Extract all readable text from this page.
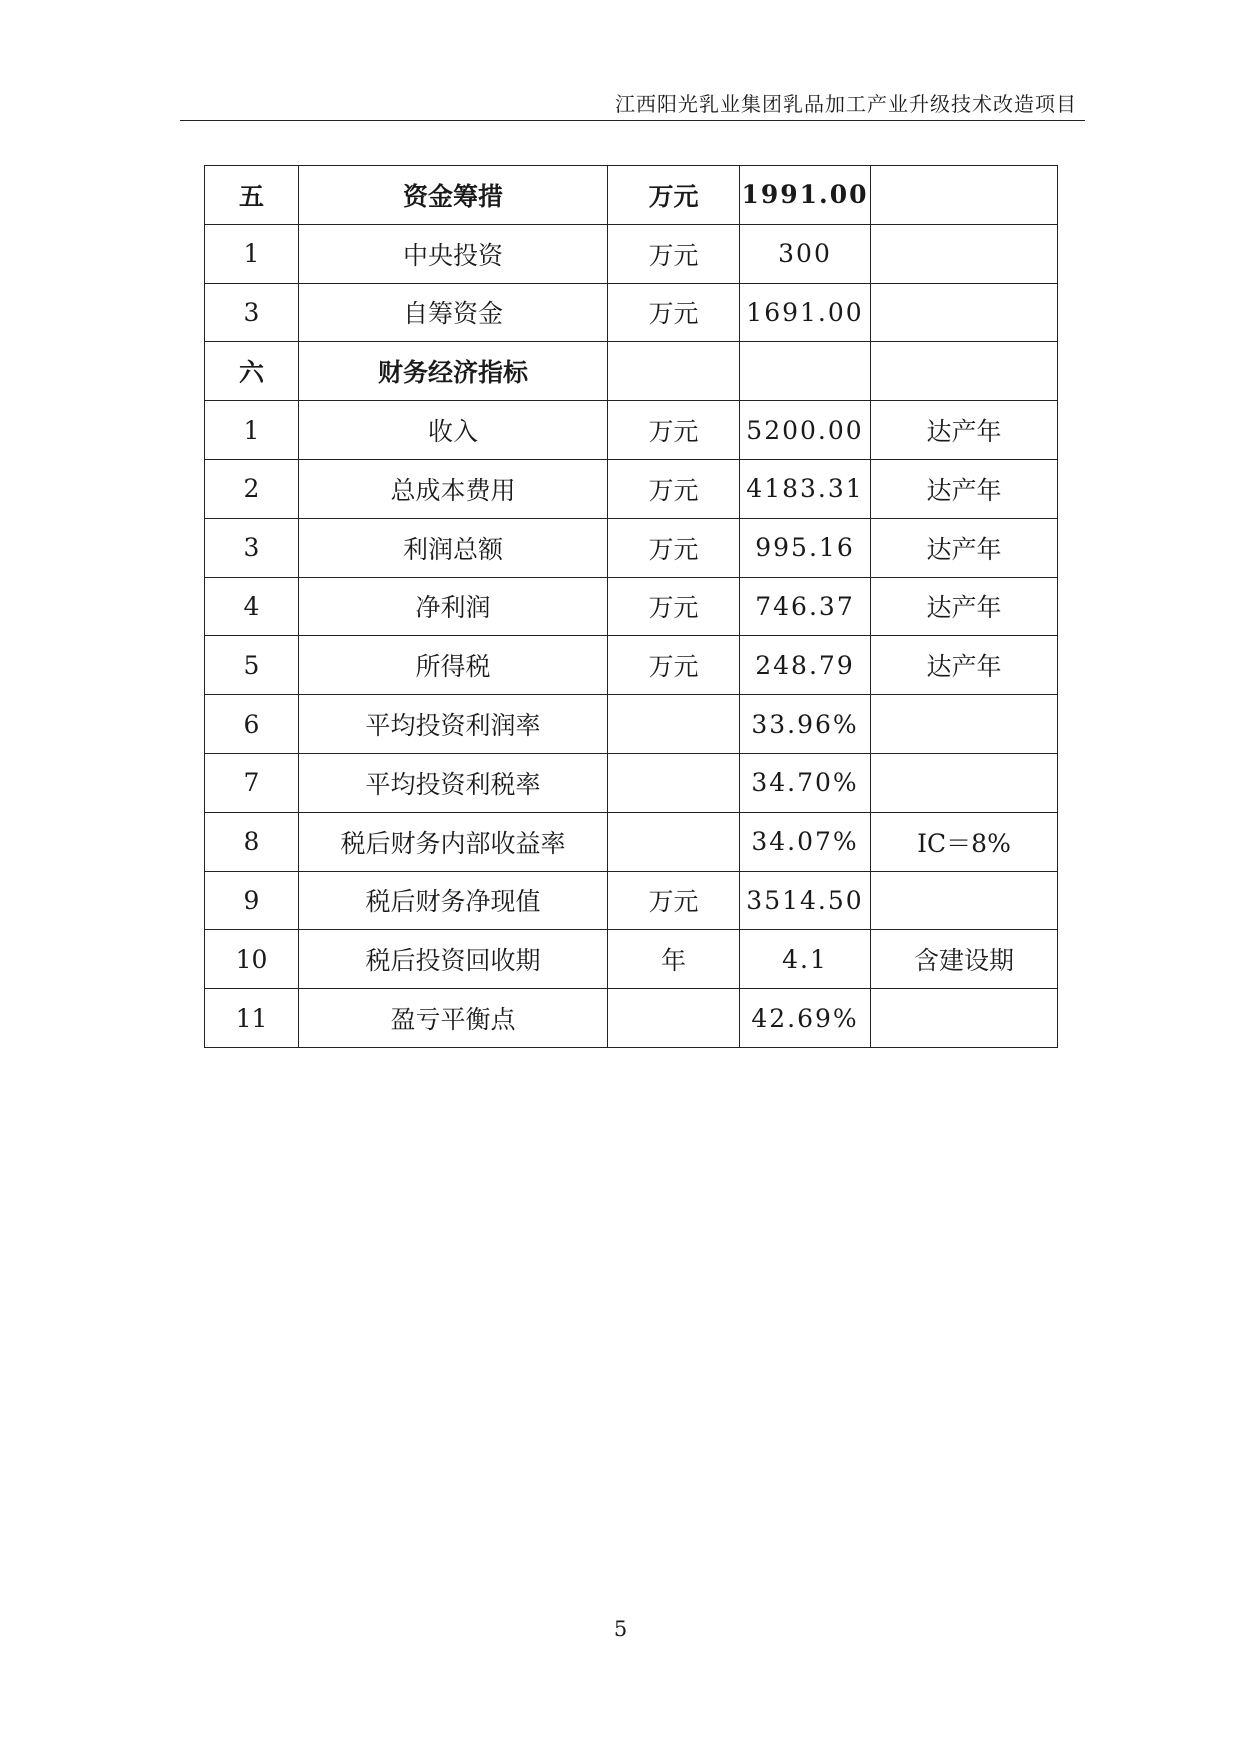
江西阳光乳业集团乳品加工产业升级技术改造项目
五	资金筹措	万元	1991.00	
1	中央投资	万元	300	
3	自筹资金	万元	1691.00	
六	财务经济指标			
1	收入	万元	5200.00	达产年
2	总成本费用	万元	4183.31	达产年
3	利润总额	万元	995.16	达产年
4	净利润	万元	746.37	达产年
5	所得税	万元	248.79	达产年
6	平均投资利润率		33.96%	
7	平均投资利税率		34.70%	
8	税后财务内部收益率		34.07%	IC＝8%
9	税后财务净现值	万元	3514.50	
10	税后投资回收期	年	4.1	含建设期
11	盈亏平衡点		42.69%	
5
